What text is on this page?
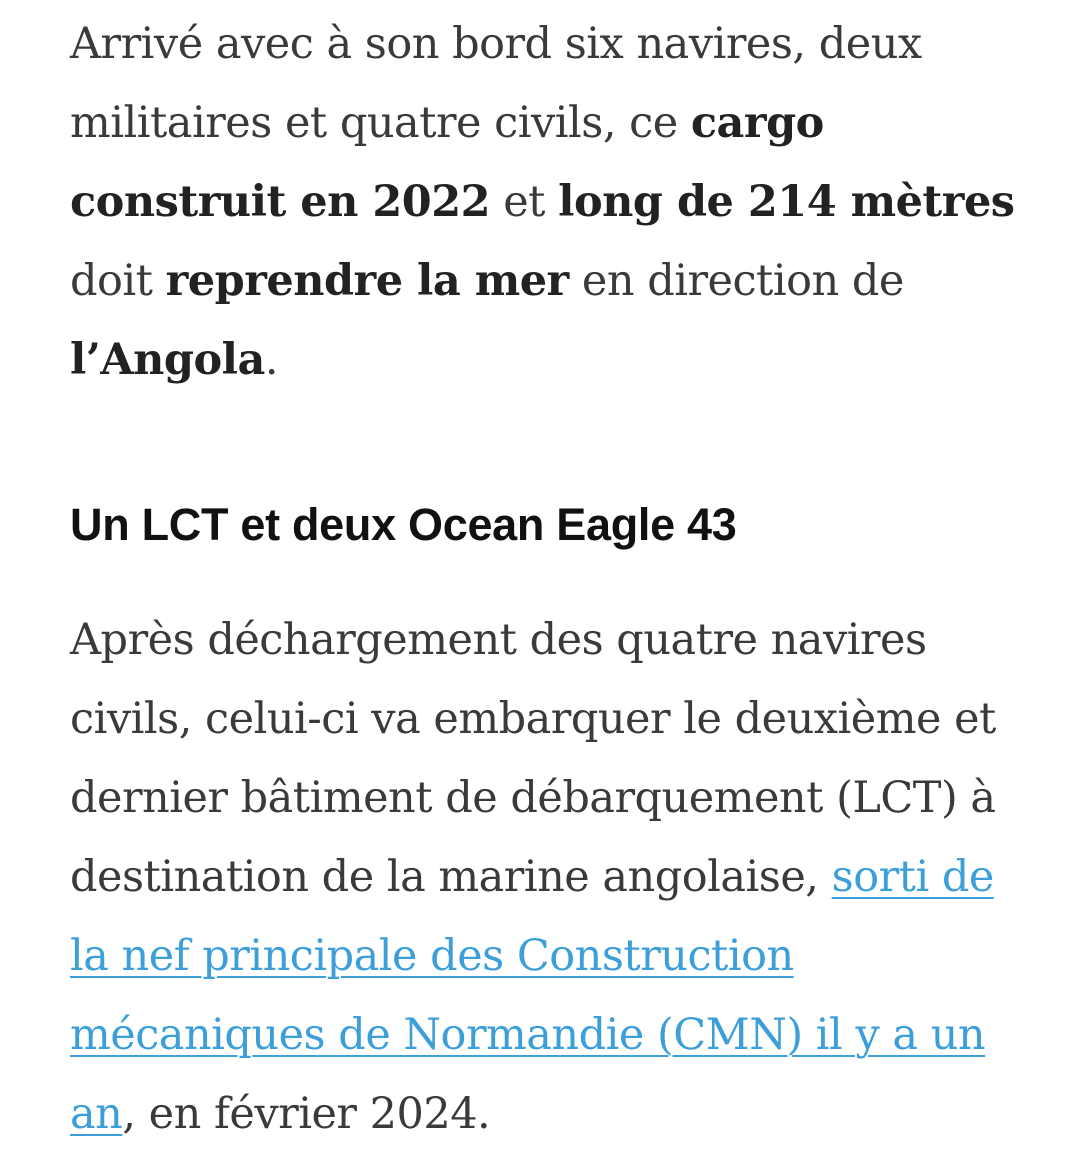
Arrivé avec à son bord six navires, deux militaires et quatre civils, ce cargo construit en 2022 et long de 214 mètres doit reprendre la mer en direction de l’Angola.

Un LCT et deux Ocean Eagle 43

Après déchargement des quatre navires civils, celui-ci va embarquer le deuxième et dernier bâtiment de débarquement (LCT) à destination de la marine angolaise, sorti de la nef principale des Construction mécaniques de Normandie (CMN) il y a un an, en février 2024.
